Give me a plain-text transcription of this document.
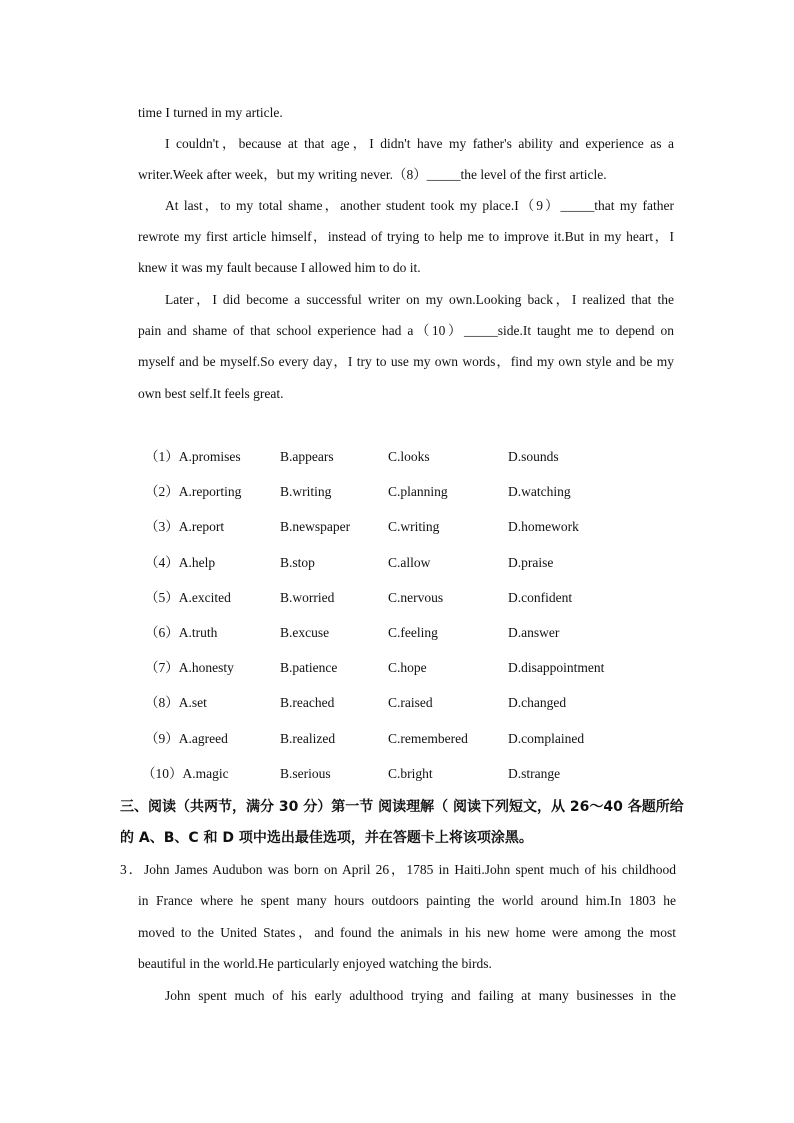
time I turned in my article.

I couldn't，because at that age，I didn't have my father's ability and experience as a
writer.Week after week，but my writing never.（8）_____the level of the first article.

At last，to my total shame，another student took my place.I（9）_____that my father
rewrote my first article himself，instead of trying to help me to improve it.But in my heart，I
knew it was my fault because I allowed him to do it.

Later，I did become a successful writer on my own.Looking back，I realized that the
pain and shame of that school experience had a（10）_____side.It taught me to depend on
myself and be myself.So every day，I try to use my own words，find my own style and be my
own best self.It feels great.

（1）A.promises	B.appears	C.looks	D.sounds
（2）A.reporting	B.writing	C.planning	D.watching
（3）A.report	B.newspaper	C.writing	D.homework
（4）A.help	B.stop	C.allow	D.praise
（5）A.excited	B.worried	C.nervous	D.confident
（6）A.truth	B.excuse	C.feeling	D.answer
（7）A.honesty	B.patience	C.hope	D.disappointment
（8）A.set	B.reached	C.raised	D.changed
（9）A.agreed	B.realized	C.remembered	D.complained
（10）A.magic	B.serious	C.bright	D.strange

三、阅读（共两节，满分 30 分）第一节 阅读理解（ 阅读下列短文，从 26～40 各题所给
的 A、B、C 和 D 项中选出最佳选项，并在答题卡上将该项涂黑。

3．John James Audubon was born on April 26，1785 in Haiti.John spent much of his childhood
in France where he spent many hours outdoors painting the world around him.In 1803 he
moved to the United States，and found the animals in his new home were among the most
beautiful in the world.He particularly enjoyed watching the birds.
John spent much of his early adulthood trying and failing at many businesses in the
